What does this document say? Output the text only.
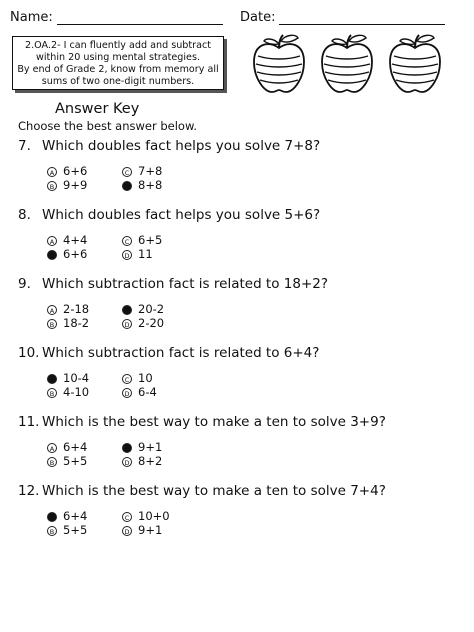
Name:	Date:
2.OA.2- I can fluently add and subtract
within 20 using mental strategies.
By end of Grade 2, know from memory all
sums of two one-digit numbers.
Answer Key
Choose the best answer below.
7. Which doubles fact helps you solve 7+8?
A 6+6
B 9+9
C 7+8
D 8+8
8. Which doubles fact helps you solve 5+6?
A 4+4
B 6+6
C 6+5
D 11
9. Which subtraction fact is related to 18+2?
A 2-18
B 18-2
C 20-2
D 2-20
10. Which subtraction fact is related to 6+4?
A 10-4
B 4-10
C 10
D 6-4
11. Which is the best way to make a ten to solve 3+9?
A 6+4
B 5+5
C 9+1
D 8+2
12. Which is the best way to make a ten to solve 7+4?
A 6+4
B 5+5
C 10+0
D 9+1
